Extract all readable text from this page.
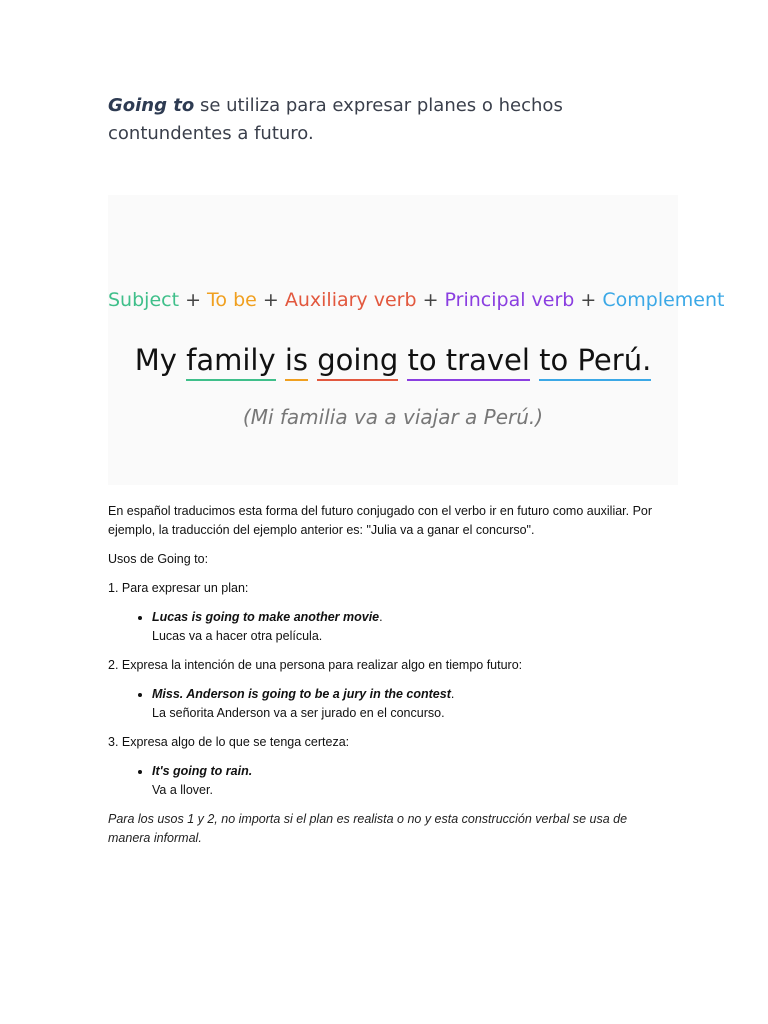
Going to se utiliza para expresar planes o hechos contundentes a futuro.
Subject + To be + Auxiliary verb + Principal verb + Complement
My family is going to travel to Perú.
(Mi familia va a viajar a Perú.)

En español traducimos esta forma del futuro conjugado con el verbo ir en futuro como auxiliar. Por ejemplo, la traducción del ejemplo anterior es: "Julia va a ganar el concurso".

Usos de Going to:

1. Para expresar un plan:

• Lucas is going to make another movie.
Lucas va a hacer otra película.

2. Expresa la intención de una persona para realizar algo en tiempo futuro:

• Miss. Anderson is going to be a jury in the contest.
La señorita Anderson va a ser jurado en el concurso.

3. Expresa algo de lo que se tenga certeza:

• It's going to rain.
Va a llover.

Para los usos 1 y 2, no importa si el plan es realista o no y esta construcción verbal se usa de manera informal.
